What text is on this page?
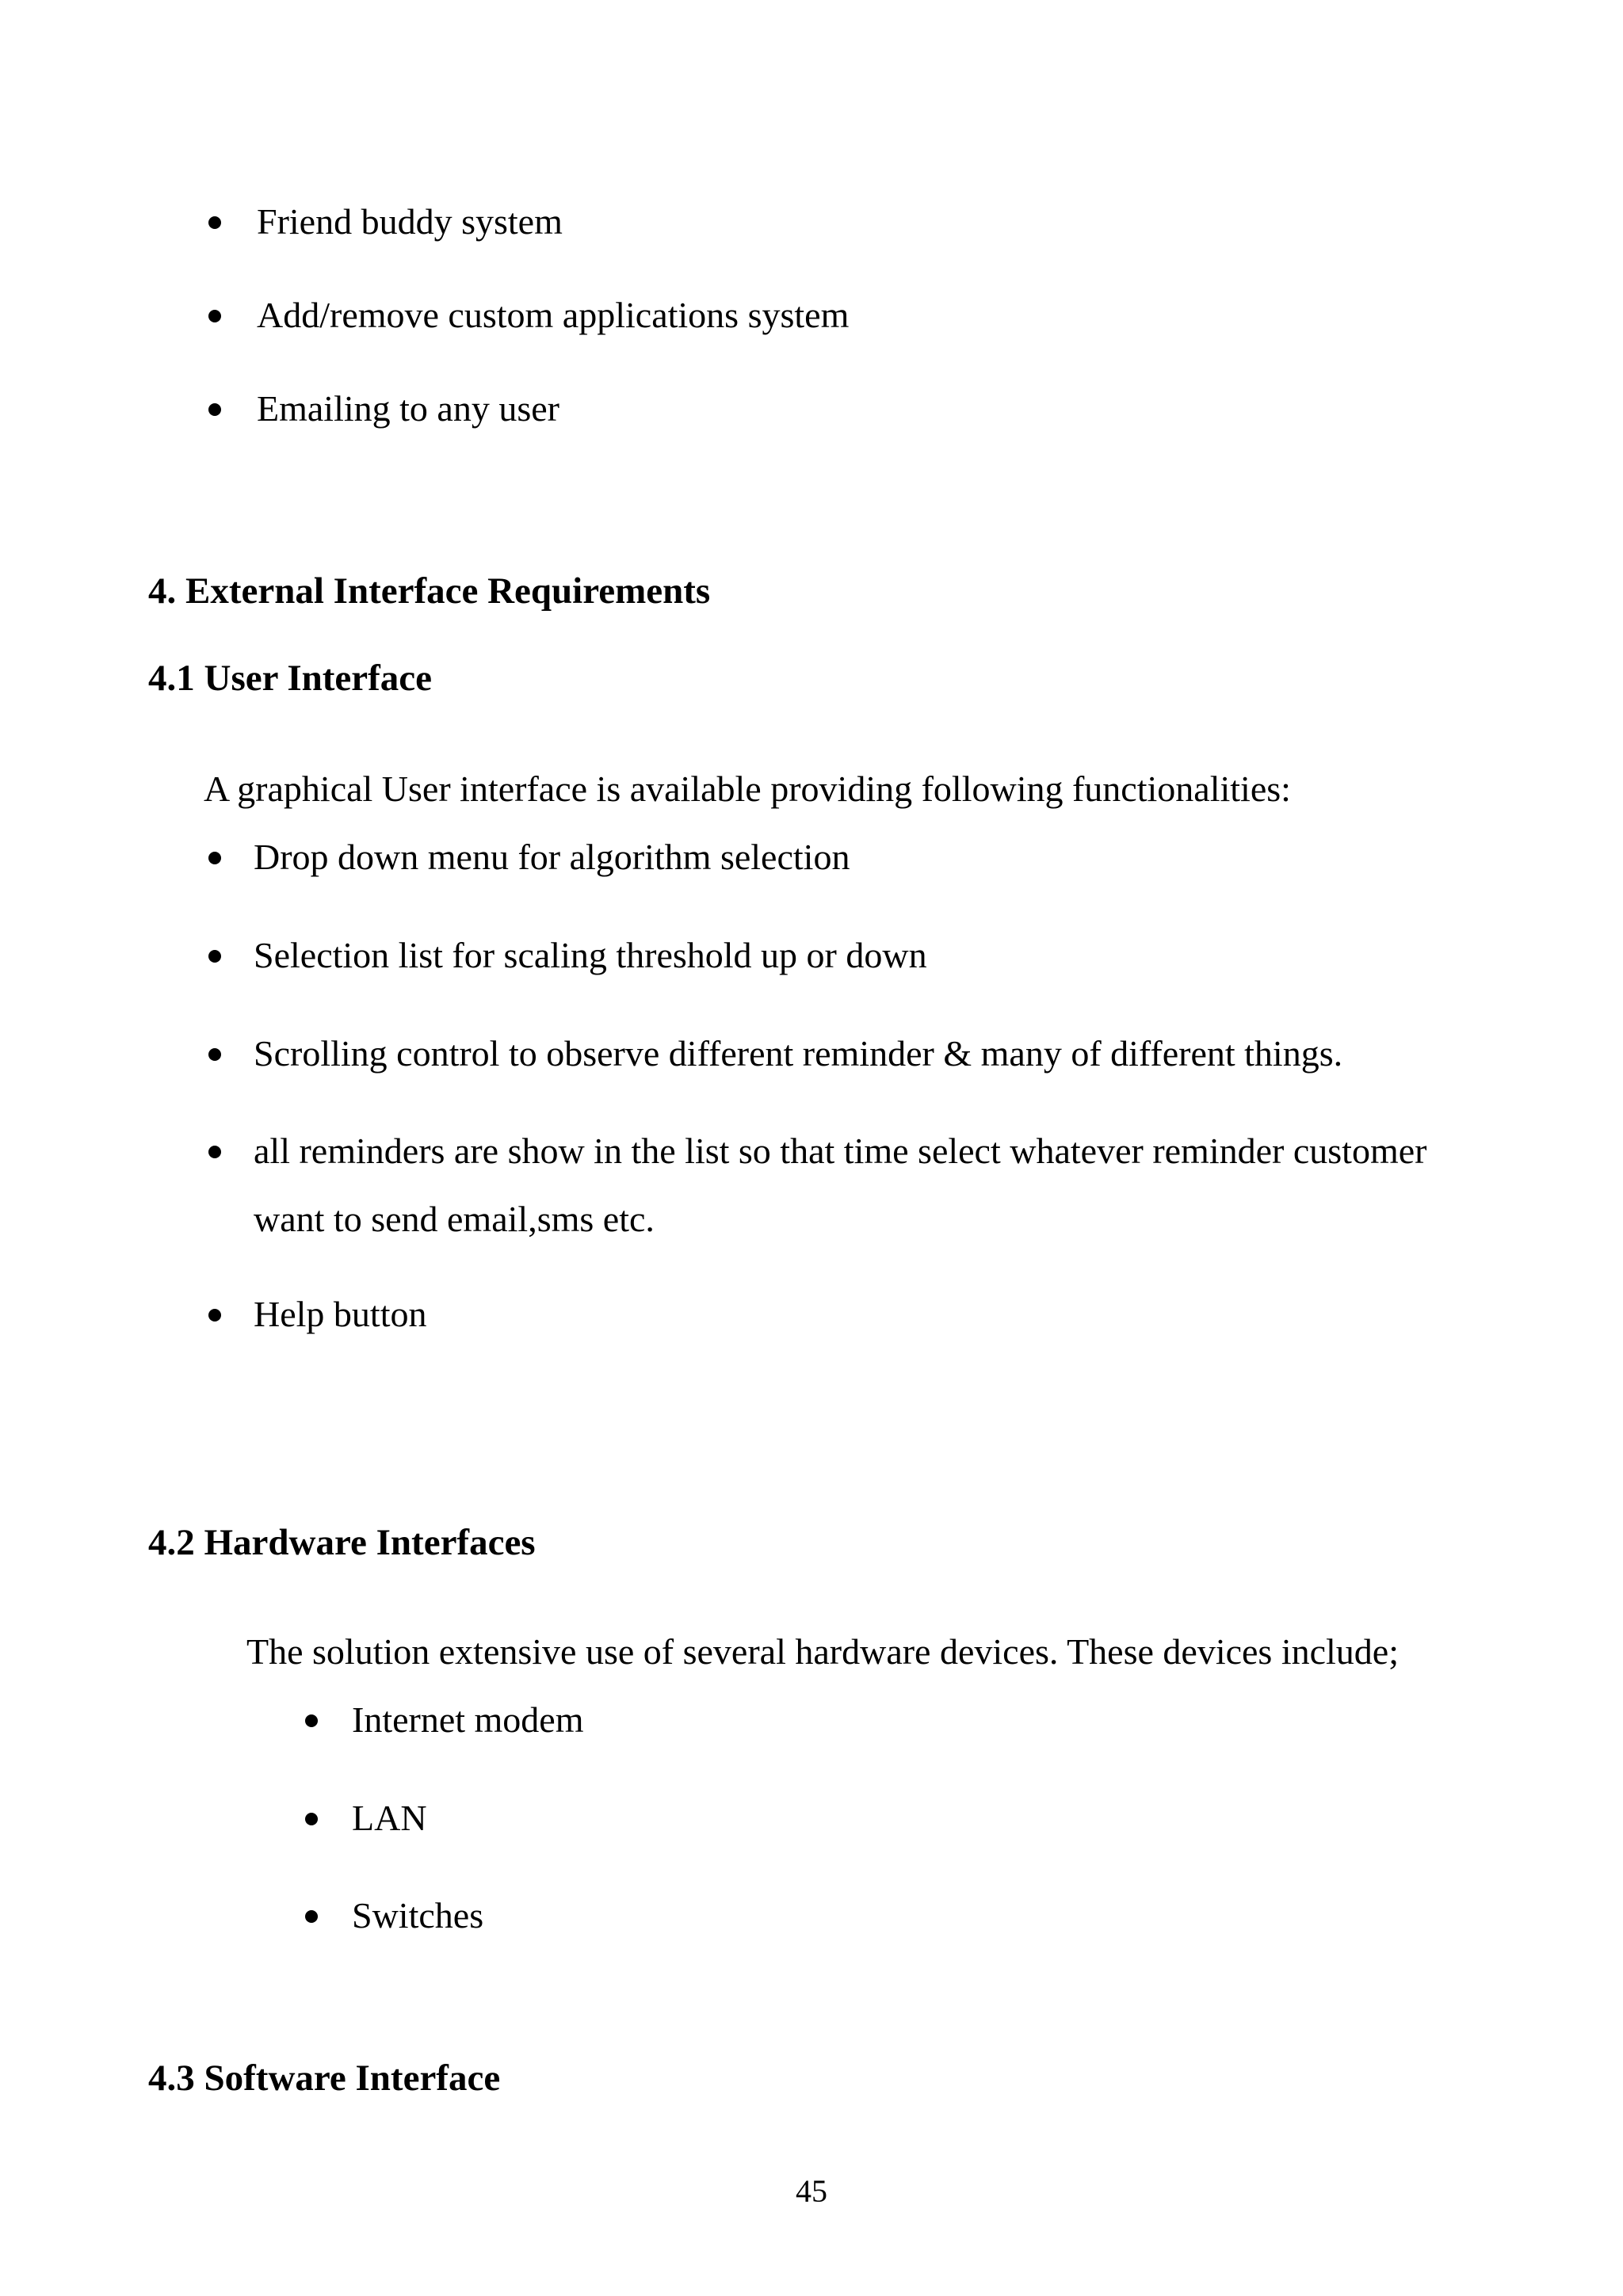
Friend buddy system
Add/remove custom applications system
Emailing to any user
4. External Interface Requirements
4.1 User Interface
A graphical User interface is available providing following functionalities:
Drop down menu for algorithm selection
Selection list for scaling threshold up or down
Scrolling control to observe different reminder & many of different things.
all reminders are show in the list so that time select whatever reminder customer
want to send email,sms etc.
Help button
4.2 Hardware Interfaces
The solution extensive use of several hardware devices. These devices include;
Internet modem
LAN
Switches
4.3 Software Interface
45
